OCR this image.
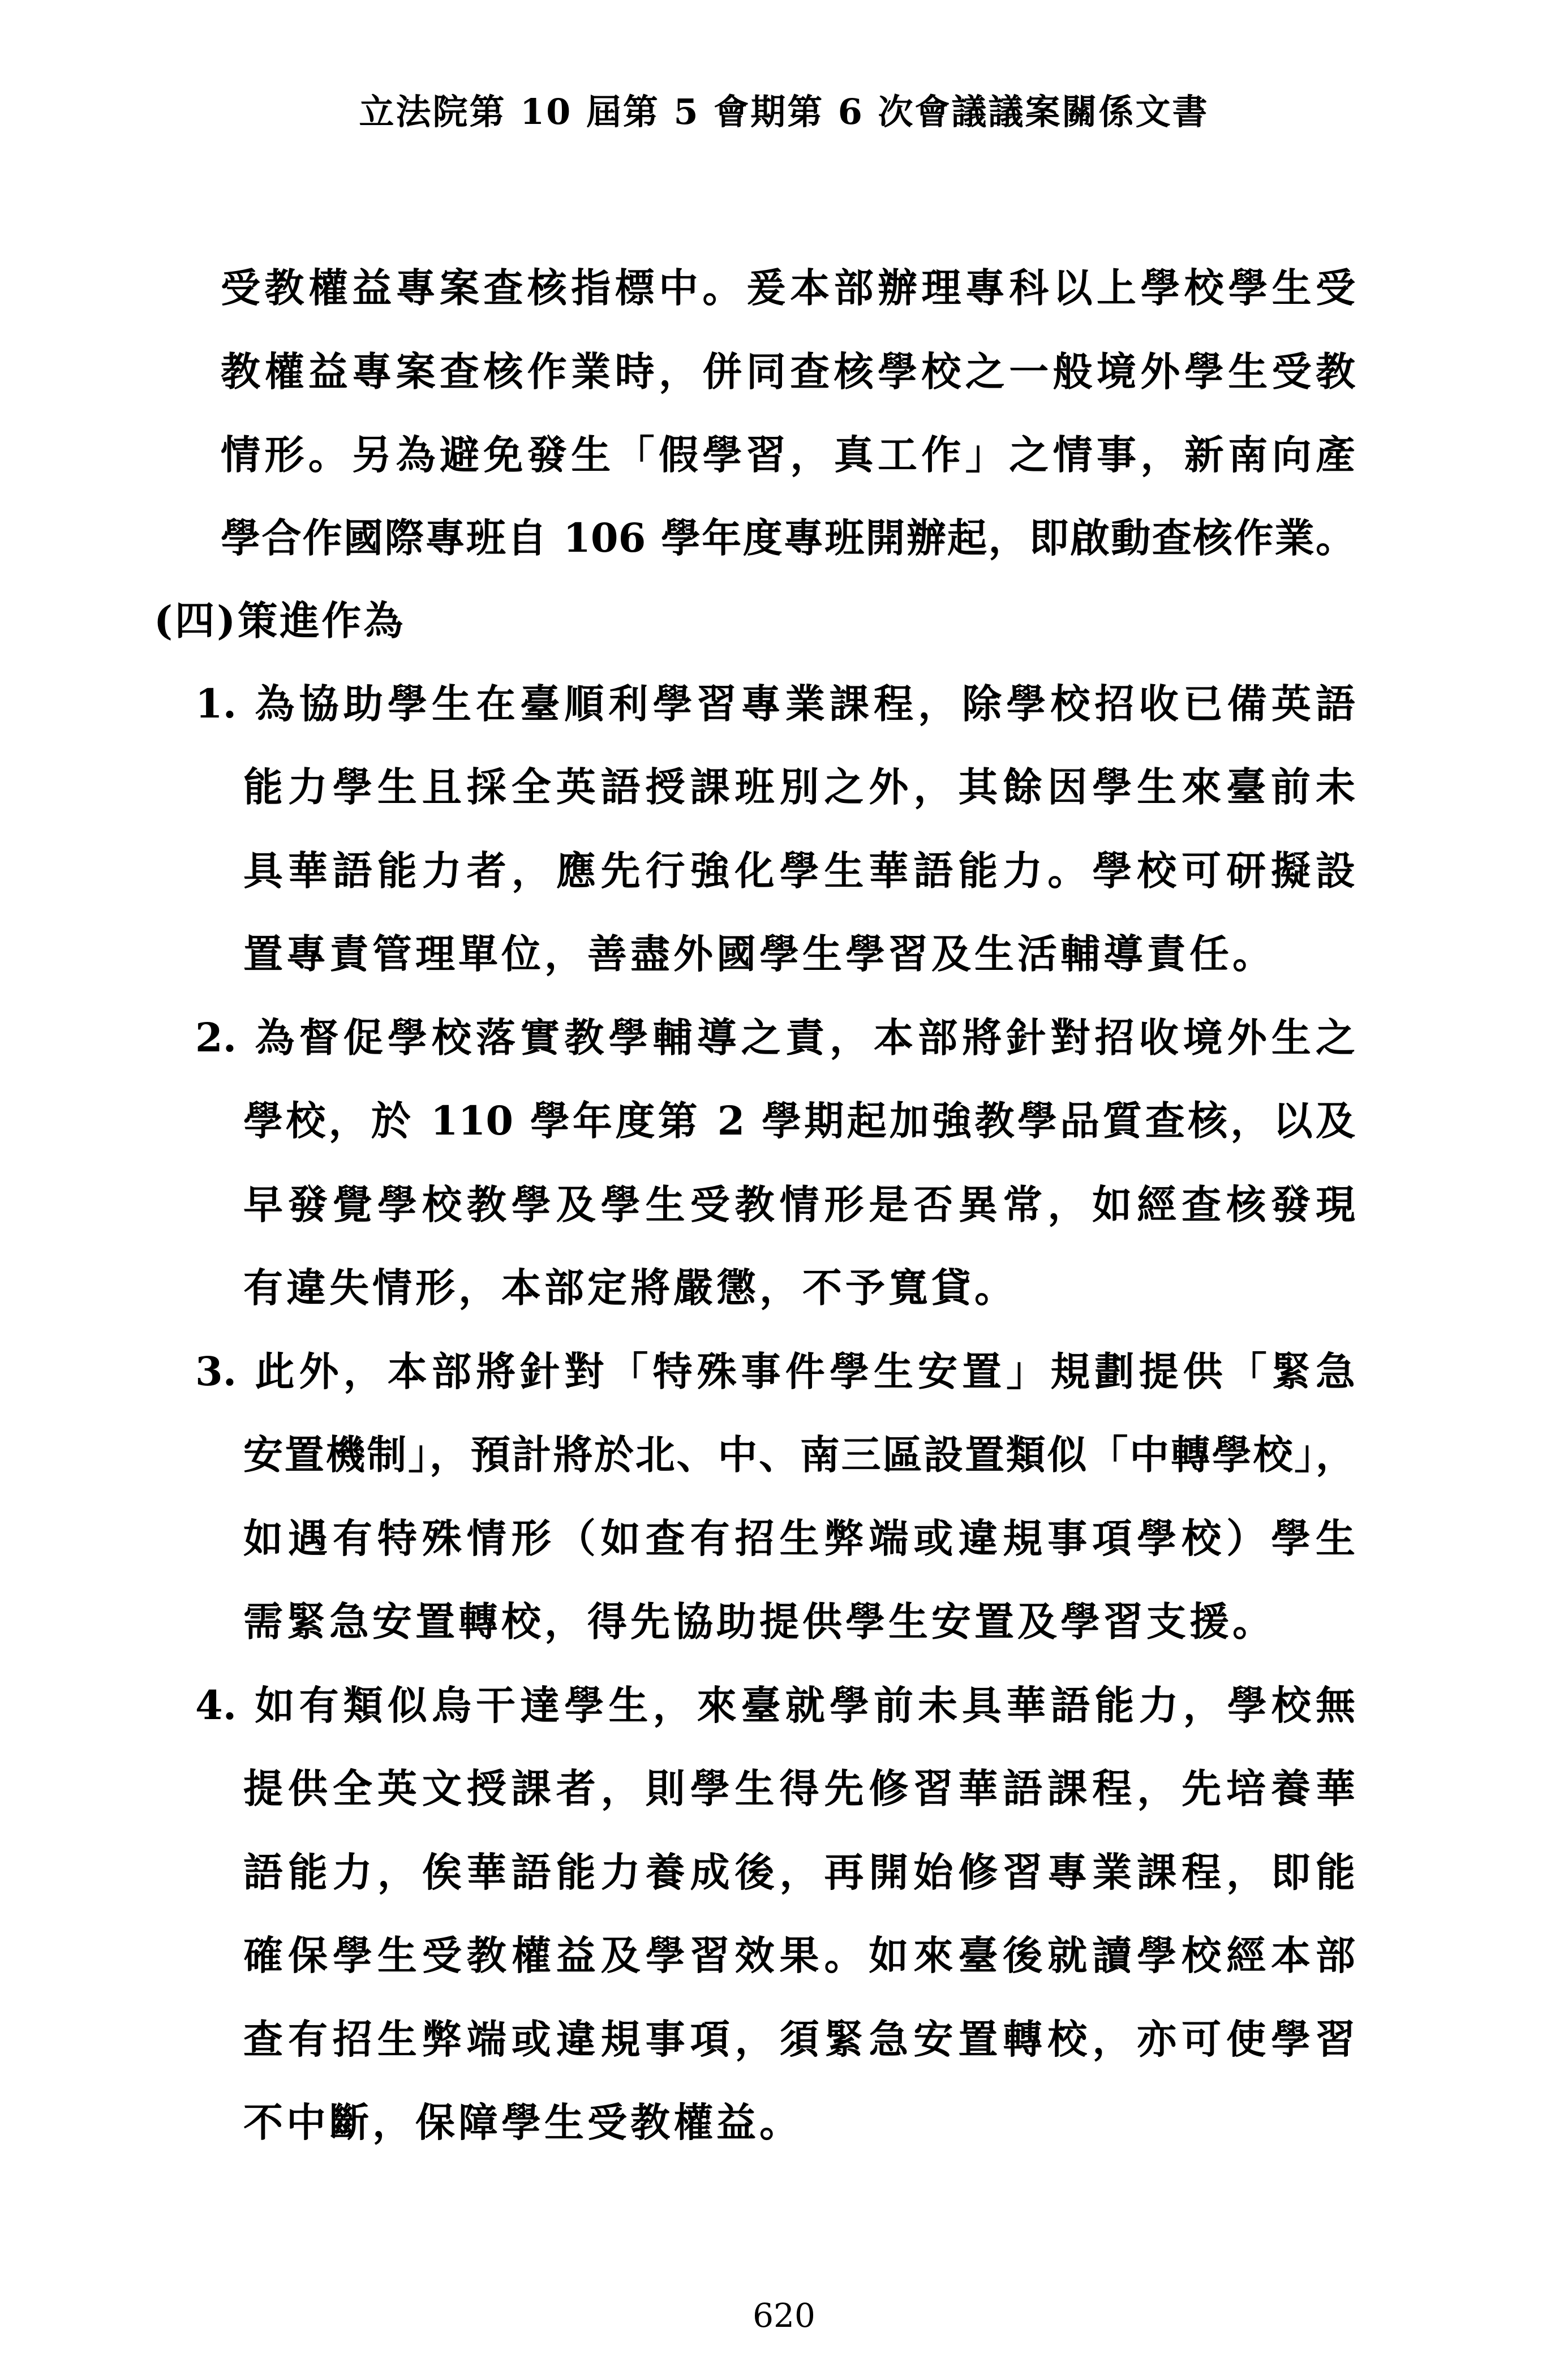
立法院第 10 屆第 5 會期第 6 次會議議案關係文書
受教權益專案查核指標中。爰本部辦理專科以上學校學生受
教權益專案查核作業時，併同查核學校之一般境外學生受教
情形。另為避免發生「假學習，真工作」之情事，新南向產
學合作國際專班自 106 學年度專班開辦起，即啟動查核作業。
(四)策進作為
1. 為協助學生在臺順利學習專業課程，除學校招收已備英語
能力學生且採全英語授課班別之外，其餘因學生來臺前未
具華語能力者，應先行強化學生華語能力。學校可研擬設
置專責管理單位，善盡外國學生學習及生活輔導責任。
2. 為督促學校落實教學輔導之責，本部將針對招收境外生之
學校，於 110 學年度第 2 學期起加強教學品質查核，以及
早發覺學校教學及學生受教情形是否異常，如經查核發現
有違失情形，本部定將嚴懲，不予寬貸。
3. 此外，本部將針對「特殊事件學生安置」規劃提供「緊急
安置機制」，預計將於北、中、南三區設置類似「中轉學校」，
如遇有特殊情形（如查有招生弊端或違規事項學校）學生
需緊急安置轉校，得先協助提供學生安置及學習支援。
4. 如有類似烏干達學生，來臺就學前未具華語能力，學校無
提供全英文授課者，則學生得先修習華語課程，先培養華
語能力，俟華語能力養成後，再開始修習專業課程，即能
確保學生受教權益及學習效果。如來臺後就讀學校經本部
查有招生弊端或違規事項，須緊急安置轉校，亦可使學習
不中斷，保障學生受教權益。
620
